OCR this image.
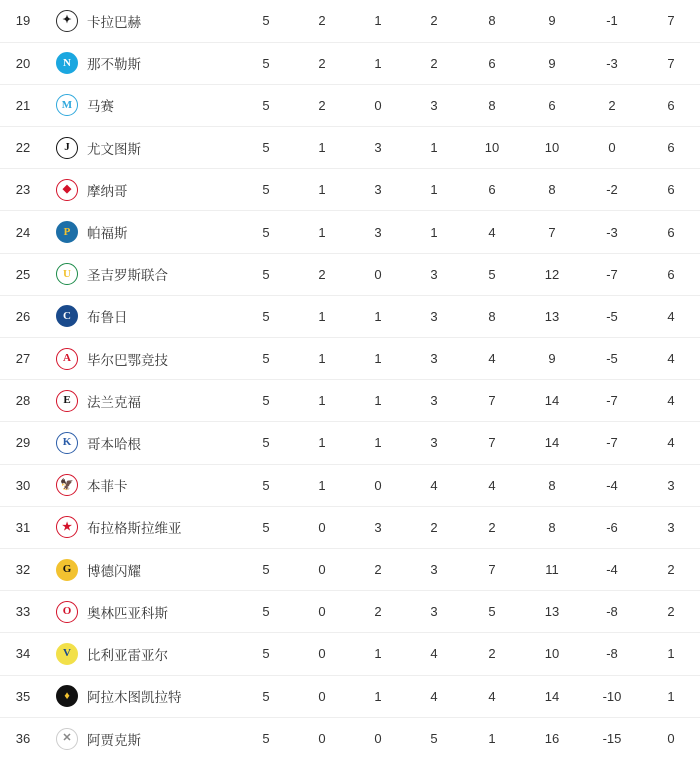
19	✦ 卡拉巴赫	5	2	1	2	8	9	-1	7
20	N 那不勒斯	5	2	1	2	6	9	-3	7
21	M 马赛	5	2	0	3	8	6	2	6
22	J 尤文图斯	5	1	3	1	10	10	0	6
23	◆ 摩纳哥	5	1	3	1	6	8	-2	6
24	P 帕福斯	5	1	3	1	4	7	-3	6
25	U 圣吉罗斯联合	5	2	0	3	5	12	-7	6
26	C 布鲁日	5	1	1	3	8	13	-5	4
27	A 毕尔巴鄂竞技	5	1	1	3	4	9	-5	4
28	E 法兰克福	5	1	1	3	7	14	-7	4
29	K 哥本哈根	5	1	1	3	7	14	-7	4
30	🦅 本菲卡	5	1	0	4	4	8	-4	3
31	★ 布拉格斯拉维亚	5	0	3	2	2	8	-6	3
32	G 博德闪耀	5	0	2	3	7	11	-4	2
33	O 奥林匹亚科斯	5	0	2	3	5	13	-8	2
34	V 比利亚雷亚尔	5	0	1	4	2	10	-8	1
35	♦ 阿拉木图凯拉特	5	0	1	4	4	14	-10	1
36	✕ 阿贾克斯	5	0	0	5	1	16	-15	0
